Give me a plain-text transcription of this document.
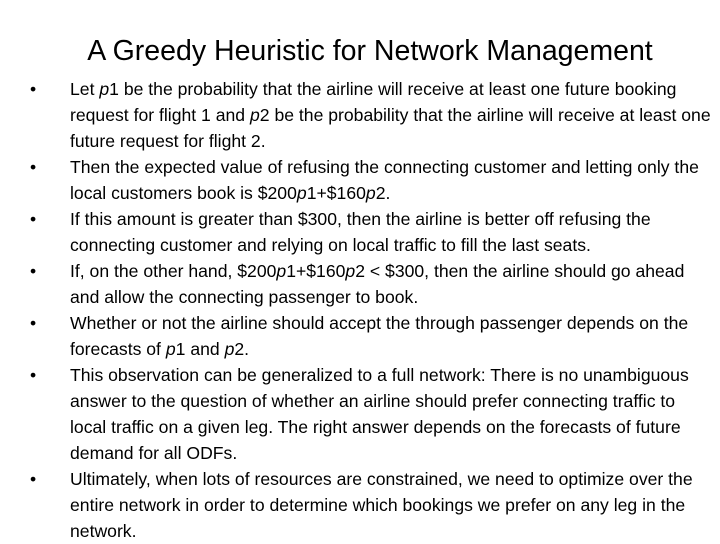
A Greedy Heuristic for Network Management
•	Let p1 be the probability that the airline will receive at least one future booking request for flight 1 and p2 be the probability that the airline will receive at least one future request for flight 2.
•	Then the expected value of refusing the connecting customer and letting only the local customers book is $200p1+$160p2.
•	If this amount is greater than $300, then the airline is better off refusing the connecting customer and relying on local traffic to fill the last seats.
•	If, on the other hand, $200p1+$160p2 < $300, then the airline should go ahead and allow the connecting passenger to book.
•	Whether or not the airline should accept the through passenger depends on the forecasts of p1 and p2.
•	This observation can be generalized to a full network: There is no unambiguous answer to the question of whether an airline should prefer connecting traffic to local traffic on a given leg. The right answer depends on the forecasts of future demand for all ODFs.
•	Ultimately, when lots of resources are constrained, we need to optimize over the entire network in order to determine which bookings we prefer on any leg in the network.
